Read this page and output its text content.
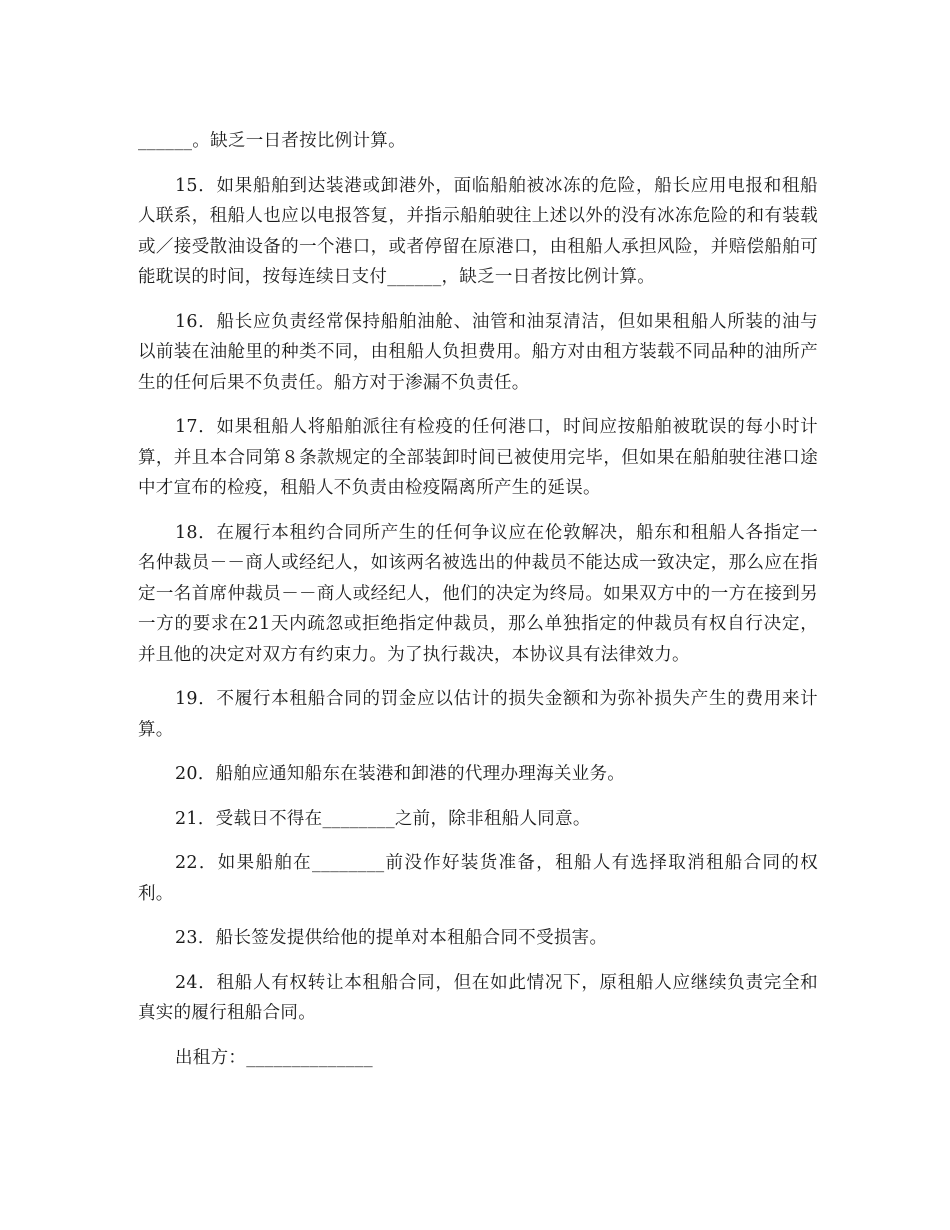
______。缺乏一日者按比例计算。

15．如果船舶到达装港或卸港外，面临船舶被冰冻的危险，船长应用电报和租船人联系，租船人也应以电报答复，并指示船舶驶往上述以外的没有冰冻危险的和有装载或／接受散油设备的一个港口，或者停留在原港口，由租船人承担风险，并赔偿船舶可能耽误的时间，按每连续日支付______，缺乏一日者按比例计算。

16．船长应负责经常保持船舶油舱、油管和油泵清洁，但如果租船人所装的油与以前装在油舱里的种类不同，由租船人负担费用。船方对由租方装载不同品种的油所产生的任何后果不负责任。船方对于渗漏不负责任。

17．如果租船人将船舶派往有检疫的任何港口，时间应按船舶被耽误的每小时计算，并且本合同第８条款规定的全部装卸时间已被使用完毕，但如果在船舶驶往港口途中才宣布的检疫，租船人不负责由检疫隔离所产生的延误。

18．在履行本租约合同所产生的任何争议应在伦敦解决，船东和租船人各指定一名仲裁员－－商人或经纪人，如该两名被选出的仲裁员不能达成一致决定，那么应在指定一名首席仲裁员－－商人或经纪人，他们的决定为终局。如果双方中的一方在接到另一方的要求在21天内疏忽或拒绝指定仲裁员，那么单独指定的仲裁员有权自行决定，并且他的决定对双方有约束力。为了执行裁决，本协议具有法律效力。

19．不履行本租船合同的罚金应以估计的损失金额和为弥补损失产生的费用来计算。

20．船舶应通知船东在装港和卸港的代理办理海关业务。

21．受载日不得在________之前，除非租船人同意。

22．如果船舶在________前没作好装货准备，租船人有选择取消租船合同的权利。

23．船长签发提供给他的提单对本租船合同不受损害。

24．租船人有权转让本租船合同，但在如此情况下，原租船人应继续负责完全和真实的履行租船合同。

出租方：______________
